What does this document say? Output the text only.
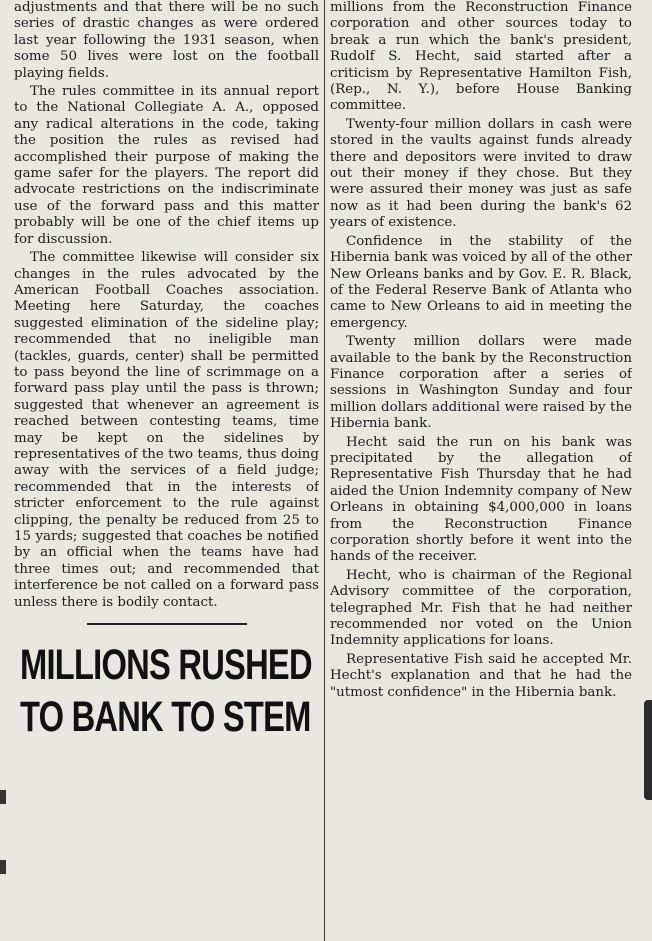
adjustments and that there will be no such series of drastic changes as were ordered last year following the 1931 season, when some 50 lives were lost on the football playing fields.

The rules committee in its annual report to the National Collegiate A. A., opposed any radical alterations in the code, taking the position the rules as revised had accomplished their purpose of making the game safer for the players. The report did advocate restrictions on the indiscriminate use of the forward pass and this matter probably will be one of the chief items up for discussion.

The committee likewise will consider six changes in the rules advocated by the American Football Coaches association. Meeting here Saturday, the coaches suggested elimination of the sideline play; recommended that no ineligible man (tackles, guards, center) shall be permitted to pass beyond the line of scrimmage on a forward pass play until the pass is thrown; suggested that whenever an agreement is reached between contesting teams, time may be kept on the sidelines by representatives of the two teams, thus doing away with the services of a field judge; recommended that in the interests of stricter enforcement to the rule against clipping, the penalty be reduced from 25 to 15 yards; suggested that coaches be notified by an official when the teams have had three times out; and recommended that interference be not called on a forward pass unless there is bodily contact.

MILLIONS RUSHED
TO BANK TO STEM

millions from the Reconstruction Finance corporation and other sources today to break a run which the bank's president, Rudolf S. Hecht, said started after a criticism by Representative Hamilton Fish, (Rep., N. Y.), before House Banking committee.

Twenty-four million dollars in cash were stored in the vaults against funds already there and depositors were invited to draw out their money if they chose. But they were assured their money was just as safe now as it had been during the bank's 62 years of existence.

Confidence in the stability of the Hibernia bank was voiced by all of the other New Orleans banks and by Gov. E. R. Black, of the Federal Reserve Bank of Atlanta who came to New Orleans to aid in meeting the emergency.

Twenty million dollars were made available to the bank by the Reconstruction Finance corporation after a series of sessions in Washington Sunday and four million dollars additional were raised by the Hibernia bank.

Hecht said the run on his bank was precipitated by the allegation of Representative Fish Thursday that he had aided the Union Indemnity company of New Orleans in obtaining $4,000,000 in loans from the Reconstruction Finance corporation shortly before it went into the hands of the receiver.

Hecht, who is chairman of the Regional Advisory committee of the corporation, telegraphed Mr. Fish that he had neither recommended nor voted on the Union Indemnity applications for loans.

Representative Fish said he accepted Mr. Hecht's explanation and that he had the "utmost confidence" in the Hibernia bank.
